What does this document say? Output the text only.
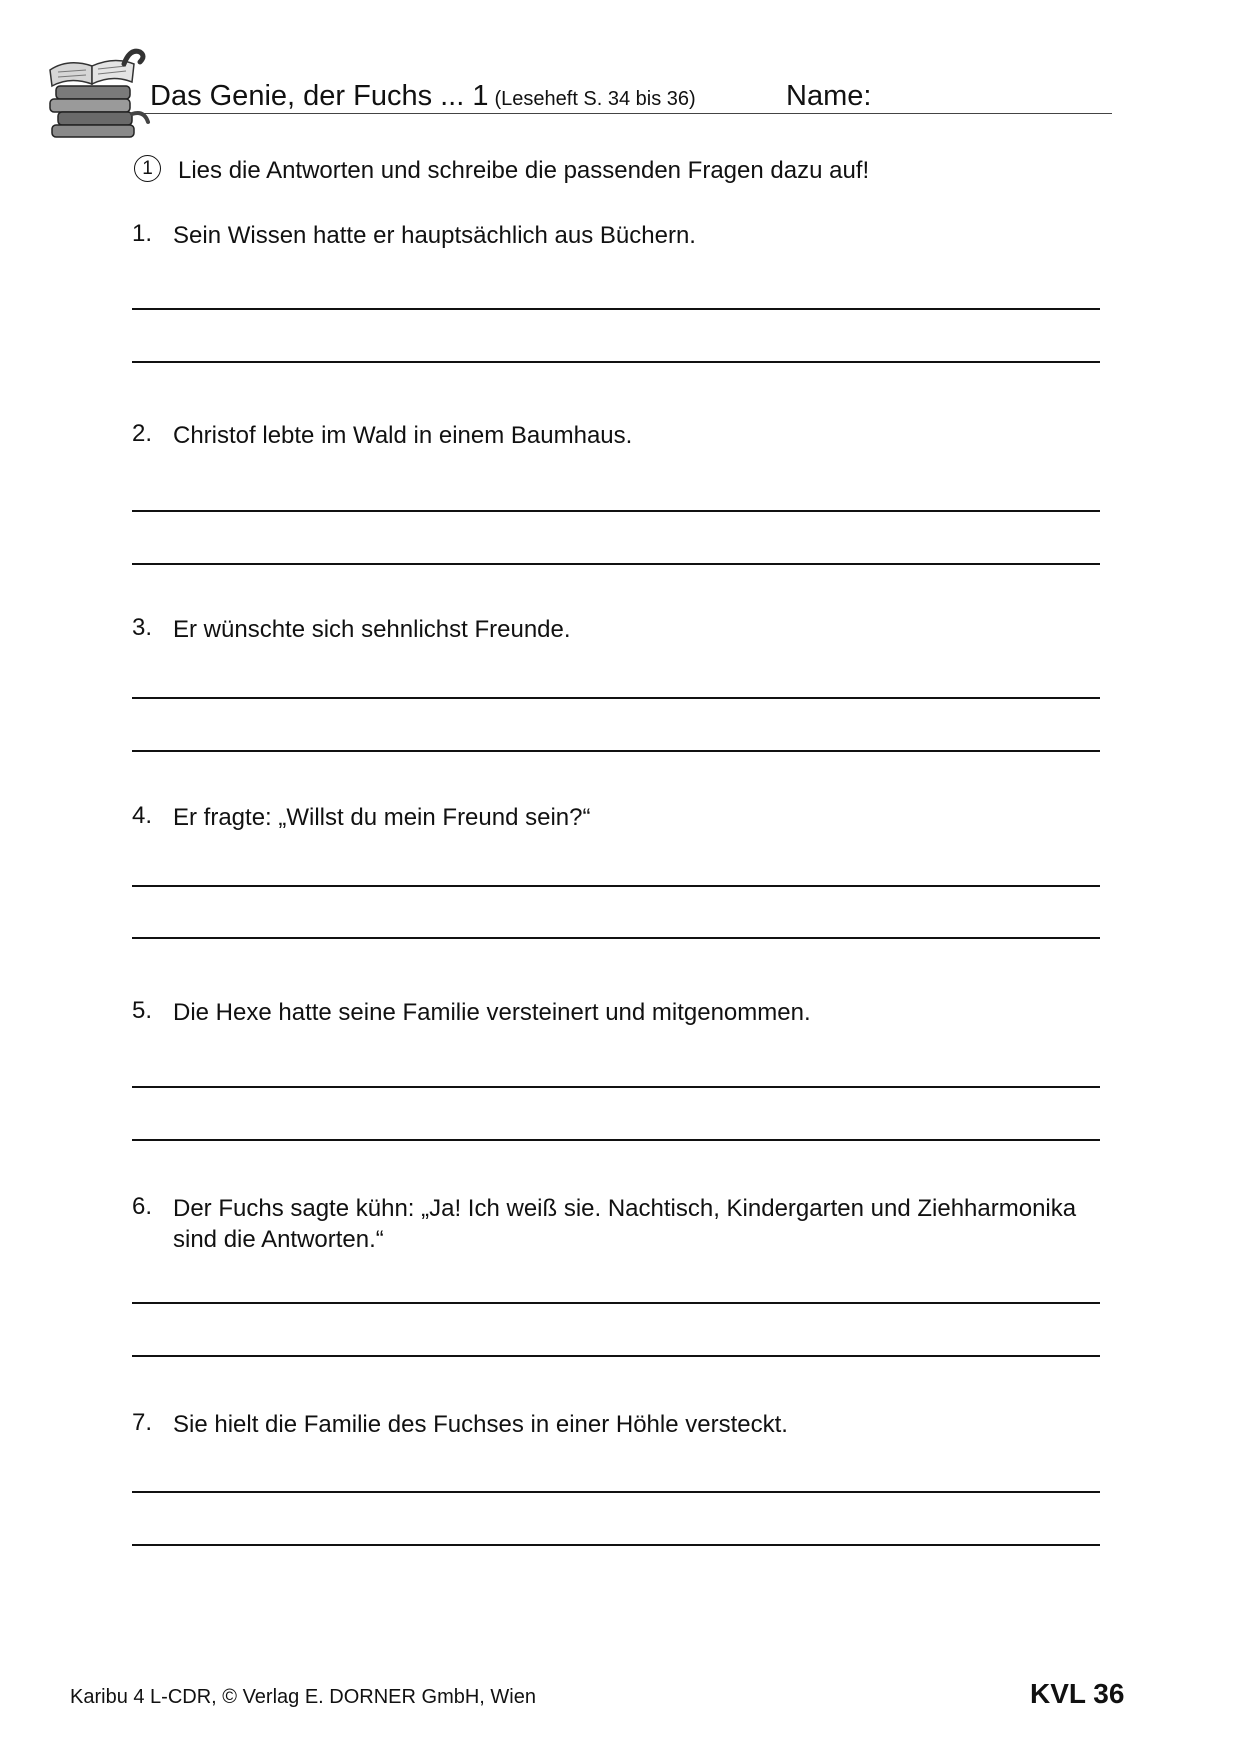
Das Genie, der Fuchs ... 1 (Leseheft S. 34 bis 36)	Name:
1	Lies die Antworten und schreibe die passenden Fragen dazu auf!
1. Sein Wissen hatte er hauptsächlich aus Büchern.
2. Christof lebte im Wald in einem Baumhaus.
3. Er wünschte sich sehnlichst Freunde.
4. Er fragte: „Willst du mein Freund sein?“
5. Die Hexe hatte seine Familie versteinert und mitgenommen.
6. Der Fuchs sagte kühn: „Ja! Ich weiß sie. Nachtisch, Kindergarten und Ziehharmonika sind die Antworten.“
7. Sie hielt die Familie des Fuchses in einer Höhle versteckt.
Karibu 4 L-CDR, © Verlag E. DORNER GmbH, Wien	KVL 36
